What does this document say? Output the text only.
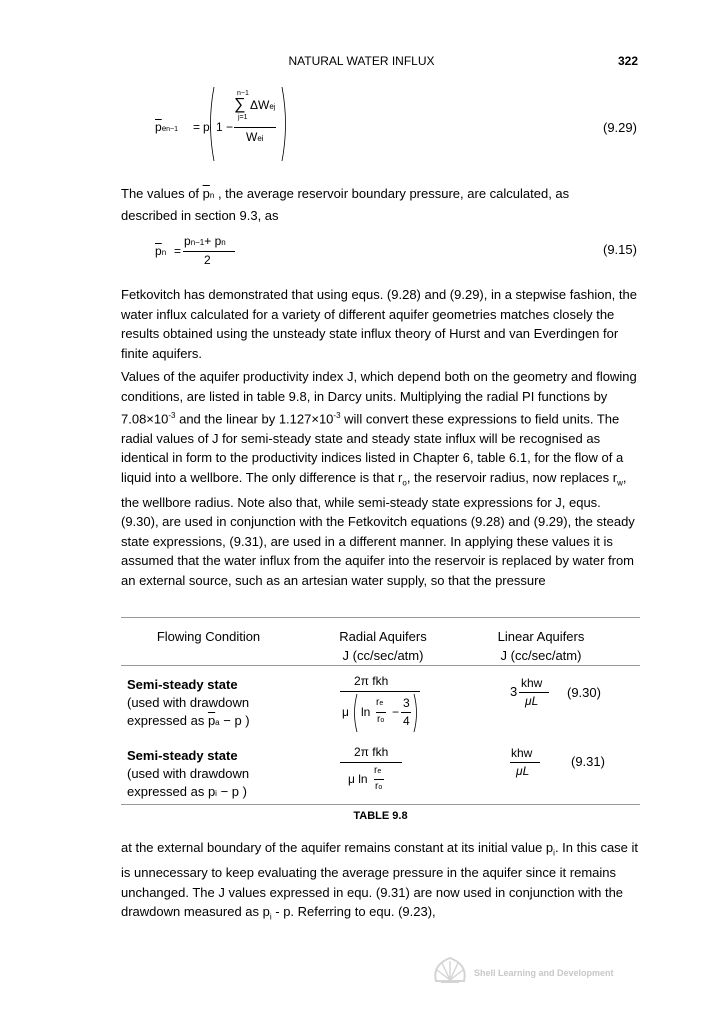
NATURAL WATER INFLUX	322
$\overline{p}en-1$ = pi 1 −
n−1
∑
j=1
ΔWej
Wei
(9.29)

The values of $\overline{p}n$ , the average reservoir boundary pressure, are calculated, as

described in section 9.3, as

$\overline{p}n$ =
pn−1+ pn
2
(9.15)

Fetkovitch has demonstrated that using equs. (9.28) and (9.29), in a stepwise fashion, the water influx calculated for a variety of different aquifer geometries matches closely the results obtained using the unsteady state influx theory of Hurst and van Everdingen for finite aquifers.

Values of the aquifer productivity index J, which depend both on the geometry and flowing conditions, are listed in table 9.8, in Darcy units. Multiplying the radial PI functions by $7.08\times 10^{-3}$ and the linear by $1.127\times 10^{-3}$ will convert these expressions to field units. The radial values of J for semi-steady state and steady state influx will be recognised as identical in form to the productivity indices listed in Chapter 6, table 6.1, for the flow of a liquid into a wellbore. The only difference is that $r_o$, the reservoir radius, now replaces $r_w$, the wellbore radius. Note also that, while semi-steady state expressions for J, equs. (9.30), are used in conjunction with the Fetkovitch equations (9.28) and (9.29), the steady state expressions, (9.31), are used in a different manner. In applying these values it is assumed that the water influx from the aquifer into the reservoir is replaced by water from an external source, such as an artesian water supply, so that the pressure

Flowing Condition	Radial Aquifers
J (cc/sec/atm)
Linear Aquifers
J (cc/sec/atm)
Semi-steady state
(used with drawdown
expressed as $\overline{p}a - p$ )
2π fkh
μ ln
re
ro
−
3
4
3
khw
μL
(9.30)
Semi-steady state
(used with drawdown
expressed as pi − p )
2π fkh
μ ln
re
ro
khw
μL
(9.31)
TABLE 9.8

at the external boundary of the aquifer remains constant at its initial value $p_i$. In this case it is unnecessary to keep evaluating the average pressure in the aquifer since it remains unchanged. The J values expressed in equ. (9.31) are now used in conjunction with the drawdown measured as $p_i$ - p. Referring to equ. (9.23),

Shell Learning and Development
